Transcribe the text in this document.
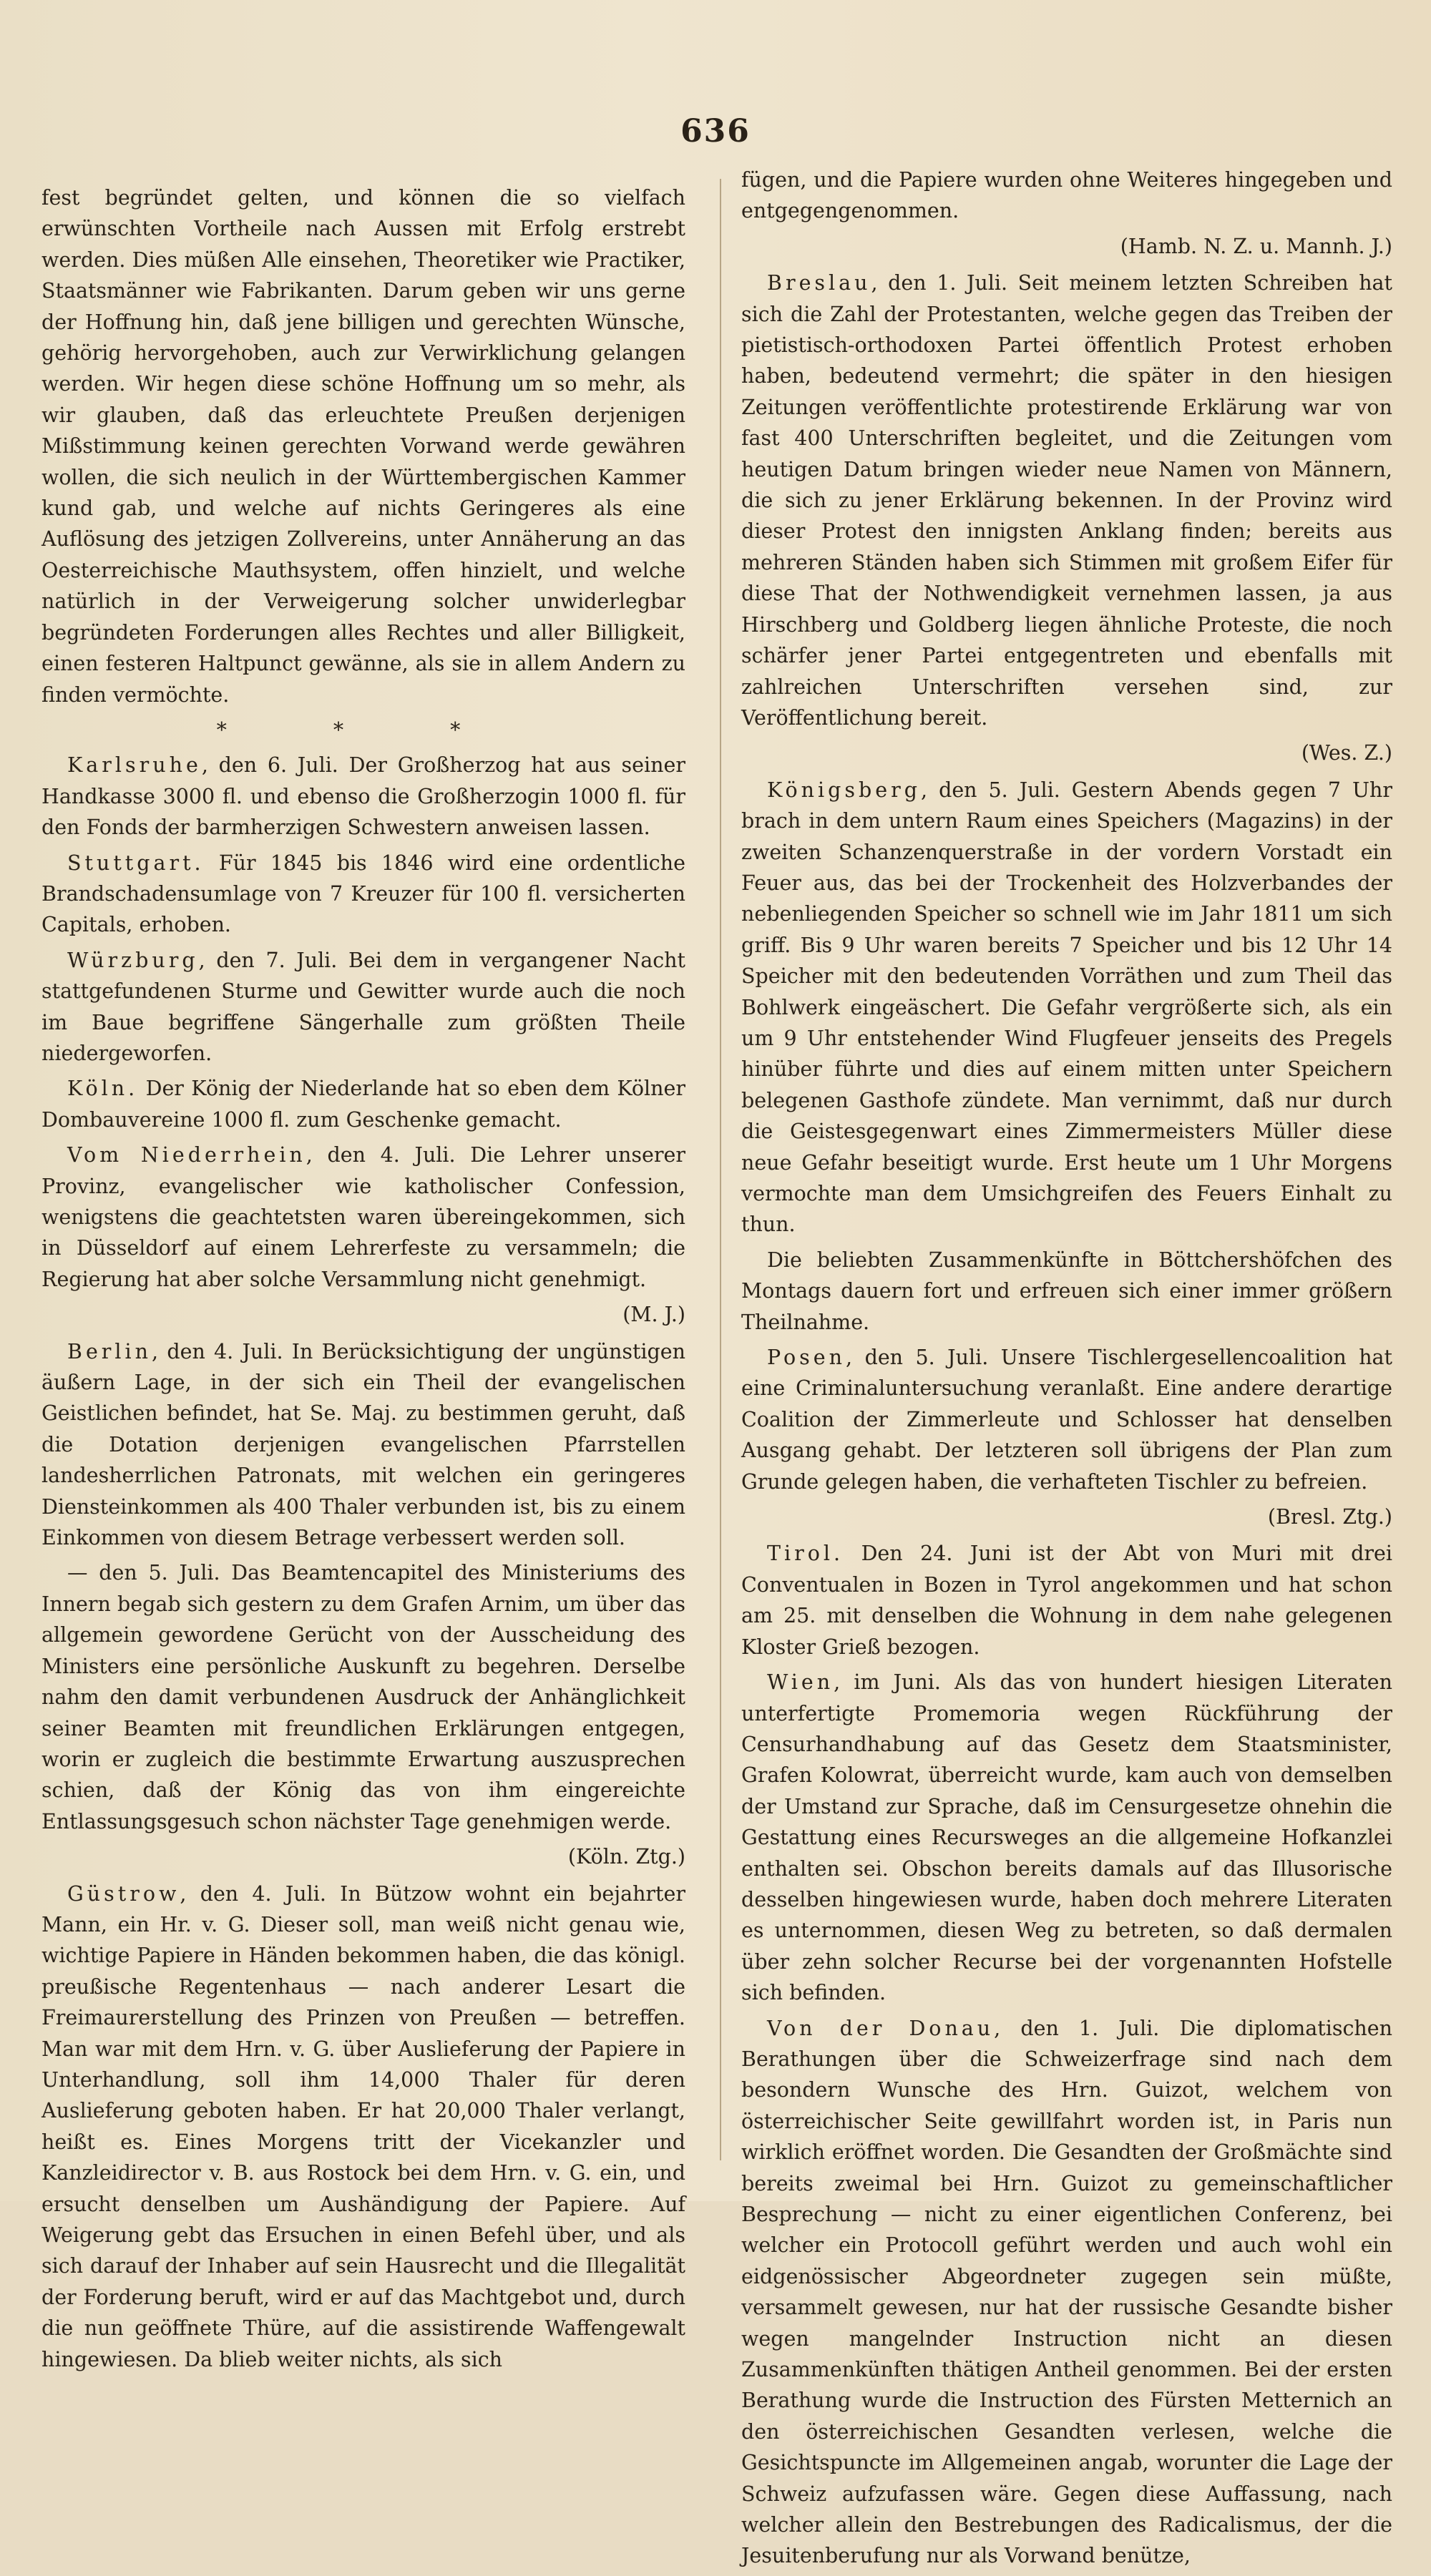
636

fest begründet gelten, und können die so vielfach erwünschten Vortheile nach Aussen mit Erfolg erstrebt werden. Dies müßen Alle einsehen, Theoretiker wie Practiker, Staatsmänner wie Fabrikanten. Darum geben wir uns gerne der Hoffnung hin, daß jene billigen und gerechten Wünsche, gehörig hervorgehoben, auch zur Verwirklichung gelangen werden. Wir hegen diese schöne Hoffnung um so mehr, als wir glauben, daß das erleuchtete Preußen derjenigen Mißstimmung keinen gerechten Vorwand werde gewähren wollen, die sich neulich in der Württembergischen Kammer kund gab, und welche auf nichts Geringeres als eine Auflösung des jetzigen Zollvereins, unter Annäherung an das Oesterreichische Mauthsystem, offen hinzielt, und welche natürlich in der Verweigerung solcher unwiderlegbar begründeten Forderungen alles Rechtes und aller Billigkeit, einen festeren Haltpunct gewänne, als sie in allem Andern zu finden vermöchte.

* * *

Karlsruhe, den 6. Juli. Der Großherzog hat aus seiner Handkasse 3000 fl. und ebenso die Großherzogin 1000 fl. für den Fonds der barmherzigen Schwestern anweisen lassen.

Stuttgart. Für 1845 bis 1846 wird eine ordentliche Brandschadensumlage von 7 Kreuzer für 100 fl. versicherten Capitals, erhoben.

Würzburg, den 7. Juli. Bei dem in vergangener Nacht stattgefundenen Sturme und Gewitter wurde auch die noch im Baue begriffene Sängerhalle zum größten Theile niedergeworfen.

Köln. Der König der Niederlande hat so eben dem Kölner Dombauvereine 1000 fl. zum Geschenke gemacht.

Vom Niederrhein, den 4. Juli. Die Lehrer unserer Provinz, evangelischer wie katholischer Confession, wenigstens die geachtetsten waren übereingekommen, sich in Düsseldorf auf einem Lehrerfeste zu versammeln; die Regierung hat aber solche Versammlung nicht genehmigt.

(M. J.)

Berlin, den 4. Juli. In Berücksichtigung der ungünstigen äußern Lage, in der sich ein Theil der evangelischen Geistlichen befindet, hat Se. Maj. zu bestimmen geruht, daß die Dotation derjenigen evangelischen Pfarrstellen landesherrlichen Patronats, mit welchen ein geringeres Diensteinkommen als 400 Thaler verbunden ist, bis zu einem Einkommen von diesem Betrage verbessert werden soll.

— den 5. Juli. Das Beamtencapitel des Ministeriums des Innern begab sich gestern zu dem Grafen Arnim, um über das allgemein gewordene Gerücht von der Ausscheidung des Ministers eine persönliche Auskunft zu begehren. Derselbe nahm den damit verbundenen Ausdruck der Anhänglichkeit seiner Beamten mit freundlichen Erklärungen entgegen, worin er zugleich die bestimmte Erwartung auszusprechen schien, daß der König das von ihm eingereichte Entlassungsgesuch schon nächster Tage genehmigen werde.

(Köln. Ztg.)

Güstrow, den 4. Juli. In Bützow wohnt ein bejahrter Mann, ein Hr. v. G. Dieser soll, man weiß nicht genau wie, wichtige Papiere in Händen bekommen haben, die das königl. preußische Regentenhaus — nach anderer Lesart die Freimaurerstellung des Prinzen von Preußen — betreffen. Man war mit dem Hrn. v. G. über Auslieferung der Papiere in Unterhandlung, soll ihm 14,000 Thaler für deren Auslieferung geboten haben. Er hat 20,000 Thaler verlangt, heißt es. Eines Morgens tritt der Vicekanzler und Kanzleidirector v. B. aus Rostock bei dem Hrn. v. G. ein, und ersucht denselben um Aushändigung der Papiere. Auf Weigerung gebt das Ersuchen in einen Befehl über, und als sich darauf der Inhaber auf sein Hausrecht und die Illegalität der Forderung beruft, wird er auf das Machtgebot und, durch die nun geöffnete Thüre, auf die assistirende Waffengewalt hingewiesen. Da blieb weiter nichts, als sich

fügen, und die Papiere wurden ohne Weiteres hingegeben und entgegengenommen.

(Hamb. N. Z. u. Mannh. J.)

Breslau, den 1. Juli. Seit meinem letzten Schreiben hat sich die Zahl der Protestanten, welche gegen das Treiben der pietistisch-orthodoxen Partei öffentlich Protest erhoben haben, bedeutend vermehrt; die später in den hiesigen Zeitungen veröffentlichte protestirende Erklärung war von fast 400 Unterschriften begleitet, und die Zeitungen vom heutigen Datum bringen wieder neue Namen von Männern, die sich zu jener Erklärung bekennen. In der Provinz wird dieser Protest den innigsten Anklang finden; bereits aus mehreren Ständen haben sich Stimmen mit großem Eifer für diese That der Nothwendigkeit vernehmen lassen, ja aus Hirschberg und Goldberg liegen ähnliche Proteste, die noch schärfer jener Partei entgegentreten und ebenfalls mit zahlreichen Unterschriften versehen sind, zur Veröffentlichung bereit.

(Wes. Z.)

Königsberg, den 5. Juli. Gestern Abends gegen 7 Uhr brach in dem untern Raum eines Speichers (Magazins) in der zweiten Schanzenquerstraße in der vordern Vorstadt ein Feuer aus, das bei der Trockenheit des Holzverbandes der nebenliegenden Speicher so schnell wie im Jahr 1811 um sich griff. Bis 9 Uhr waren bereits 7 Speicher und bis 12 Uhr 14 Speicher mit den bedeutenden Vorräthen und zum Theil das Bohlwerk eingeäschert. Die Gefahr vergrößerte sich, als ein um 9 Uhr entstehender Wind Flugfeuer jenseits des Pregels hinüber führte und dies auf einem mitten unter Speichern belegenen Gasthofe zündete. Man vernimmt, daß nur durch die Geistesgegenwart eines Zimmermeisters Müller diese neue Gefahr beseitigt wurde. Erst heute um 1 Uhr Morgens vermochte man dem Umsichgreifen des Feuers Einhalt zu thun.

Die beliebten Zusammenkünfte in Böttchershöfchen des Montags dauern fort und erfreuen sich einer immer größern Theilnahme.

Posen, den 5. Juli. Unsere Tischlergesellencoalition hat eine Criminaluntersuchung veranlaßt. Eine andere derartige Coalition der Zimmerleute und Schlosser hat denselben Ausgang gehabt. Der letzteren soll übrigens der Plan zum Grunde gelegen haben, die verhafteten Tischler zu befreien.

(Bresl. Ztg.)

Tirol. Den 24. Juni ist der Abt von Muri mit drei Conventualen in Bozen in Tyrol angekommen und hat schon am 25. mit denselben die Wohnung in dem nahe gelegenen Kloster Grieß bezogen.

Wien, im Juni. Als das von hundert hiesigen Literaten unterfertigte Promemoria wegen Rückführung der Censurhandhabung auf das Gesetz dem Staatsminister, Grafen Kolowrat, überreicht wurde, kam auch von demselben der Umstand zur Sprache, daß im Censurgesetze ohnehin die Gestattung eines Recursweges an die allgemeine Hofkanzlei enthalten sei. Obschon bereits damals auf das Illusorische desselben hingewiesen wurde, haben doch mehrere Literaten es unternommen, diesen Weg zu betreten, so daß dermalen über zehn solcher Recurse bei der vorgenannten Hofstelle sich befinden.

Von der Donau, den 1. Juli. Die diplomatischen Berathungen über die Schweizerfrage sind nach dem besondern Wunsche des Hrn. Guizot, welchem von österreichischer Seite gewillfahrt worden ist, in Paris nun wirklich eröffnet worden. Die Gesandten der Großmächte sind bereits zweimal bei Hrn. Guizot zu gemeinschaftlicher Besprechung — nicht zu einer eigentlichen Conferenz, bei welcher ein Protocoll geführt werden und auch wohl ein eidgenössischer Abgeordneter zugegen sein müßte, versammelt gewesen, nur hat der russische Gesandte bisher wegen mangelnder Instruction nicht an diesen Zusammenkünften thätigen Antheil genommen. Bei der ersten Berathung wurde die Instruction des Fürsten Metternich an den österreichischen Gesandten verlesen, welche die Gesichtspuncte im Allgemeinen angab, worunter die Lage der Schweiz aufzufassen wäre. Gegen diese Auffassung, nach welcher allein den Bestrebungen des Radicalismus, der die Jesuitenberufung nur als Vorwand benütze,
